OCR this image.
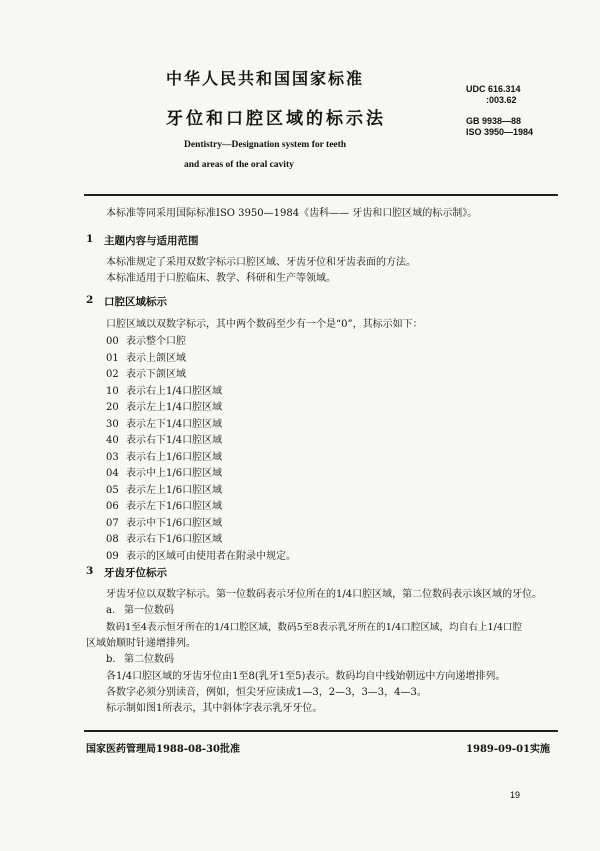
中华人民共和国国家标准
牙位和口腔区域的标示法
Dentistry—Designation system for teeth
and areas of the oral cavity
UDC 616.314
:003.62
GB 9938—88
ISO 3950—1984
本标准等同采用国际标准ISO 3950—1984《齿科—— 牙齿和口腔区域的标示制》。
1 主题内容与适用范围
本标准规定了采用双数字标示口腔区域、牙齿牙位和牙齿表面的方法。
本标准适用于口腔临床、教学、科研和生产等领域。
2 口腔区域标示
口腔区域以双数字标示，其中两个数码至少有一个是“0”，其标示如下：
00 表示整个口腔
01 表示上颌区域
02 表示下颌区域
10 表示右上1/4口腔区域
20 表示左上1/4口腔区域
30 表示左下1/4口腔区域
40 表示右下1/4口腔区域
03 表示右上1/6口腔区域
04 表示中上1/6口腔区域
05 表示左上1/6口腔区域
06 表示左下1/6口腔区域
07 表示中下1/6口腔区域
08 表示右下1/6口腔区域
09 表示的区域可由使用者在附录中规定。
3 牙齿牙位标示
牙齿牙位以双数字标示。第一位数码表示牙位所在的1/4口腔区域，第二位数码表示该区域的牙位。
a. 第一位数码
数码1至4表示恒牙所在的1/4口腔区域，数码5至8表示乳牙所在的1/4口腔区域，均自右上1/4口腔
区域始顺时针递增排列。
b. 第二位数码
各1/4口腔区域的牙齿牙位由1至8(乳牙1至5)表示。数码均自中线始朝远中方向递增排列。
各数字必须分别读音，例如，恒尖牙应读成1—3，2—3，3—3，4—3。
标示制如图1所表示，其中斜体字表示乳牙牙位。
国家医药管理局1988-08-30批准	1989-09-01实施
19
